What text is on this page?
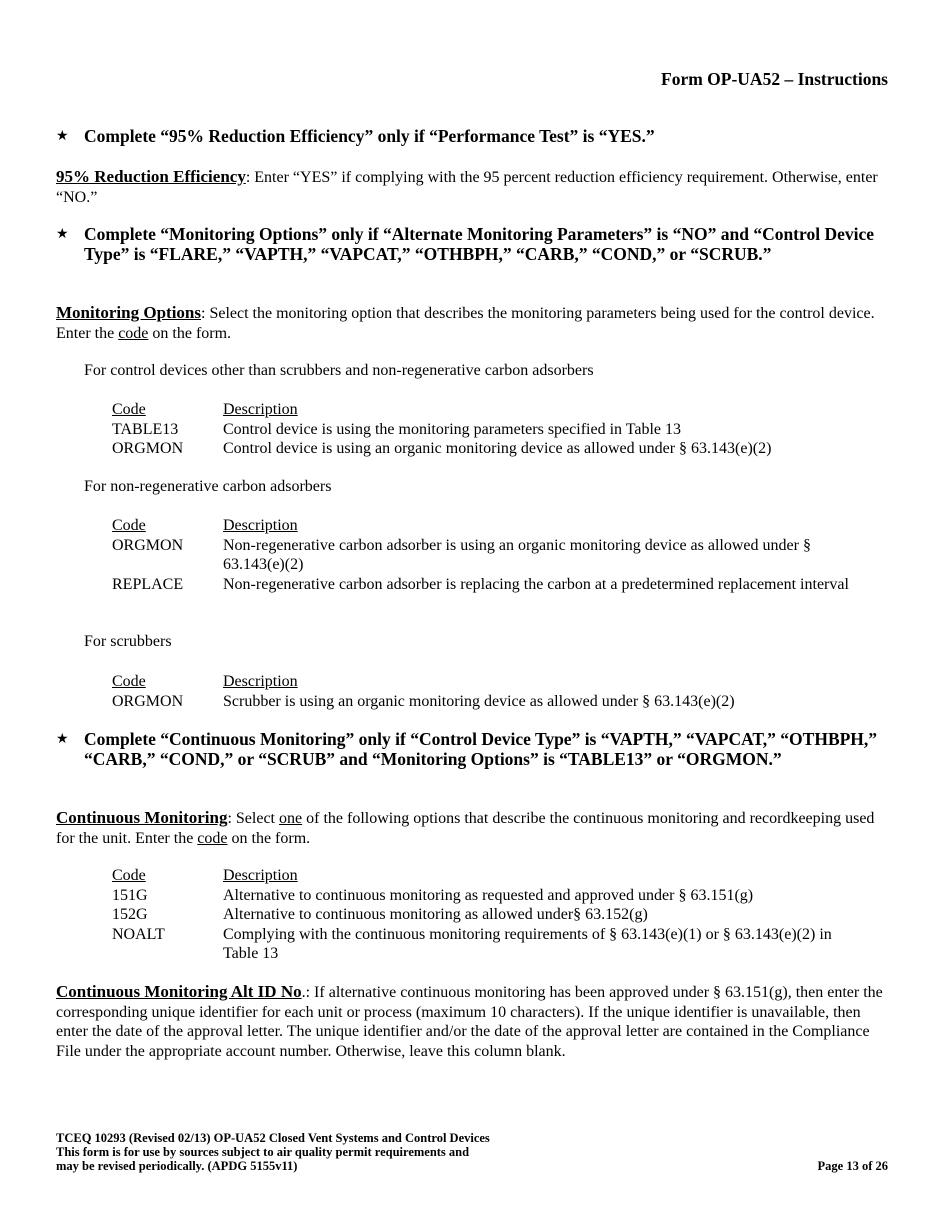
Form OP-UA52 – Instructions
★ Complete “95% Reduction Efficiency” only if “Performance Test” is “YES.”
95% Reduction Efficiency: Enter “YES” if complying with the 95 percent reduction efficiency requirement. Otherwise, enter “NO.”
★ Complete “Monitoring Options” only if “Alternate Monitoring Parameters” is “NO” and “Control Device Type” is “FLARE,” “VAPTH,” “VAPCAT,” “OTHBPH,” “CARB,” “COND,” or “SCRUB.”
Monitoring Options: Select the monitoring option that describes the monitoring parameters being used for the control device. Enter the code on the form.
For control devices other than scrubbers and non-regenerative carbon adsorbers
Code	Description
TABLE13	Control device is using the monitoring parameters specified in Table 13
ORGMON	Control device is using an organic monitoring device as allowed under § 63.143(e)(2)
For non-regenerative carbon adsorbers
Code	Description
ORGMON	Non-regenerative carbon adsorber is using an organic monitoring device as allowed under § 63.143(e)(2)
REPLACE	Non-regenerative carbon adsorber is replacing the carbon at a predetermined replacement interval
For scrubbers
Code	Description
ORGMON	Scrubber is using an organic monitoring device as allowed under § 63.143(e)(2)
★ Complete “Continuous Monitoring” only if “Control Device Type” is “VAPTH,” “VAPCAT,” “OTHBPH,” “CARB,” “COND,” or “SCRUB” and “Monitoring Options” is “TABLE13” or “ORGMON.”
Continuous Monitoring: Select one of the following options that describe the continuous monitoring and recordkeeping used for the unit. Enter the code on the form.
Code	Description
151G	Alternative to continuous monitoring as requested and approved under § 63.151(g)
152G	Alternative to continuous monitoring as allowed under§ 63.152(g)
NOALT	Complying with the continuous monitoring requirements of § 63.143(e)(1) or § 63.143(e)(2) in Table 13
Continuous Monitoring Alt ID No.: If alternative continuous monitoring has been approved under § 63.151(g), then enter the corresponding unique identifier for each unit or process (maximum 10 characters). If the unique identifier is unavailable, then enter the date of the approval letter. The unique identifier and/or the date of the approval letter are contained in the Compliance File under the appropriate account number. Otherwise, leave this column blank.
TCEQ 10293 (Revised 02/13) OP-UA52 Closed Vent Systems and Control Devices
This form is for use by sources subject to air quality permit requirements and
may be revised periodically. (APDG 5155v11)	Page 13 of 26
